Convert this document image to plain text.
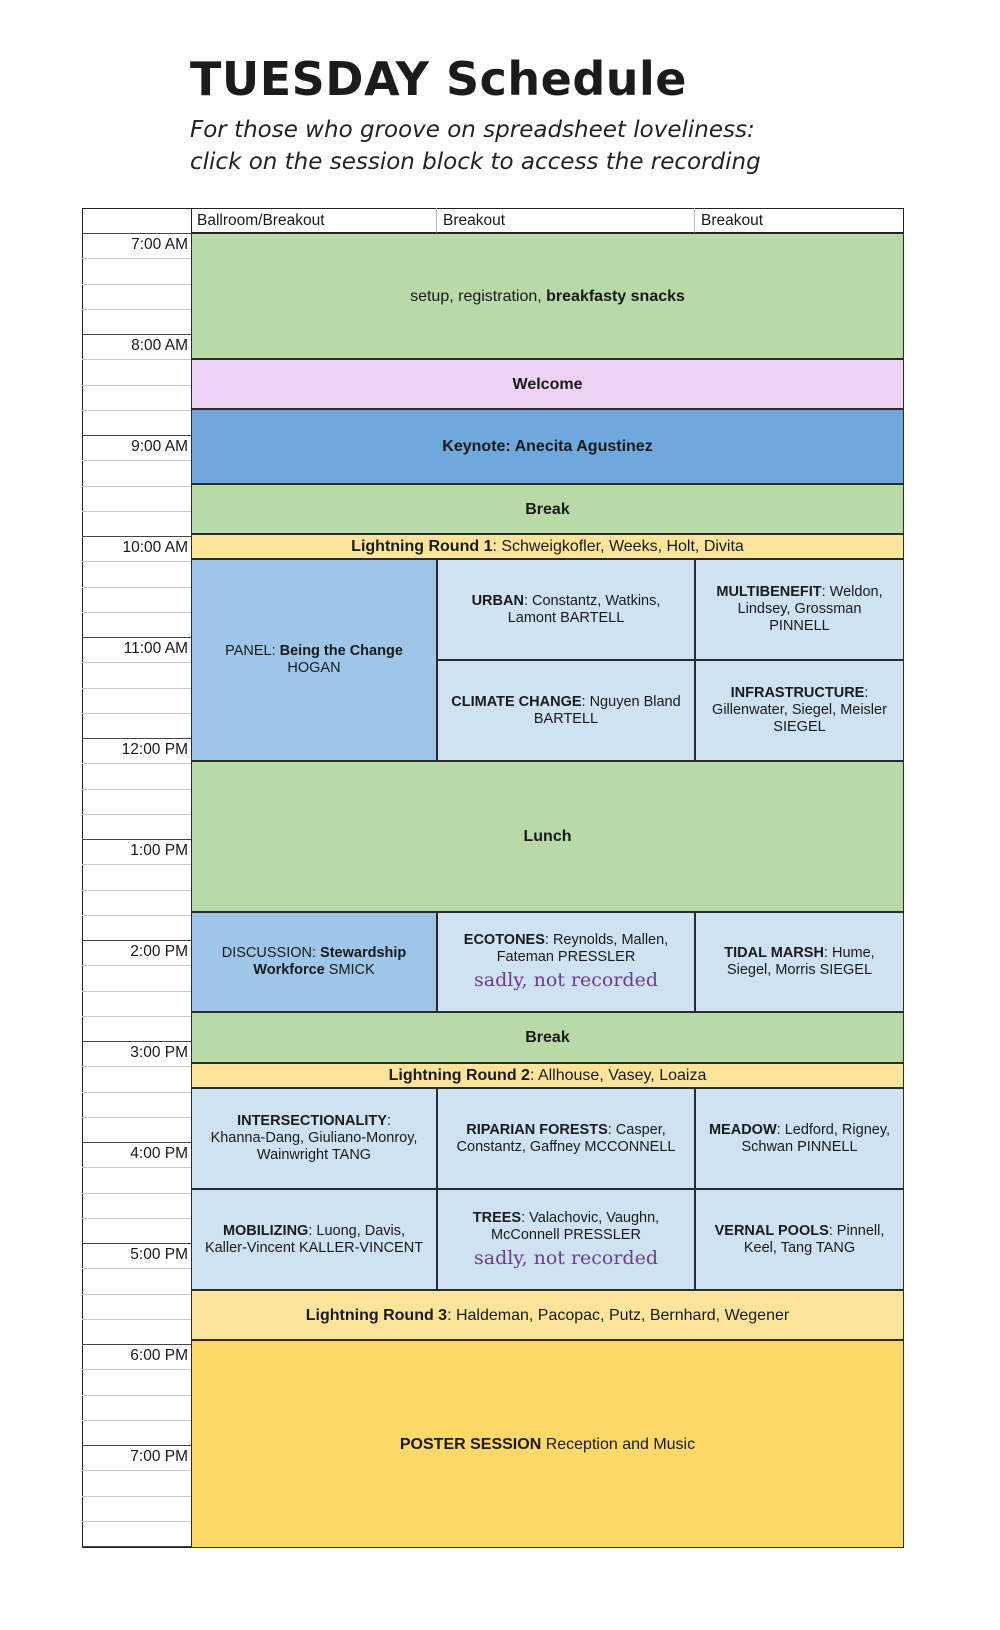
TUESDAY Schedule
For those who groove on spreadsheet loveliness:
click on the session block to access the recording
Ballroom/Breakout	Breakout	Breakout
7:00 AM
8:00 AM
9:00 AM
10:00 AM
11:00 AM
12:00 PM
1:00 PM
2:00 PM
3:00 PM
4:00 PM
5:00 PM
6:00 PM
7:00 PM
setup, registration, breakfasty snacks
Welcome
Keynote: Anecita Agustinez
Break
Lightning Round 1: Schweigkofler, Weeks, Holt, Divita
PANEL: Being the Change
HOGAN
URBAN: Constantz, Watkins,
Lamont BARTELL
MULTIBENEFIT: Weldon,
Lindsey, Grossman
PINNELL
CLIMATE CHANGE: Nguyen Bland
BARTELL
INFRASTRUCTURE:
Gillenwater, Siegel, Meisler
SIEGEL
Lunch
DISCUSSION: Stewardship
Workforce SMICK
ECOTONES: Reynolds, Mallen,
Fateman PRESSLER
sadly, not recorded
TIDAL MARSH: Hume,
Siegel, Morris SIEGEL
Break
Lightning Round 2: Allhouse, Vasey, Loaiza
INTERSECTIONALITY:
Khanna-Dang, Giuliano-Monroy,
Wainwright TANG
RIPARIAN FORESTS: Casper,
Constantz, Gaffney MCCONNELL
MEADOW: Ledford, Rigney,
Schwan PINNELL
MOBILIZING: Luong, Davis,
Kaller-Vincent KALLER-VINCENT
TREES: Valachovic, Vaughn,
McConnell PRESSLER
sadly, not recorded
VERNAL POOLS: Pinnell,
Keel, Tang TANG
Lightning Round 3: Haldeman, Pacopac, Putz, Bernhard, Wegener
POSTER SESSION Reception and Music
